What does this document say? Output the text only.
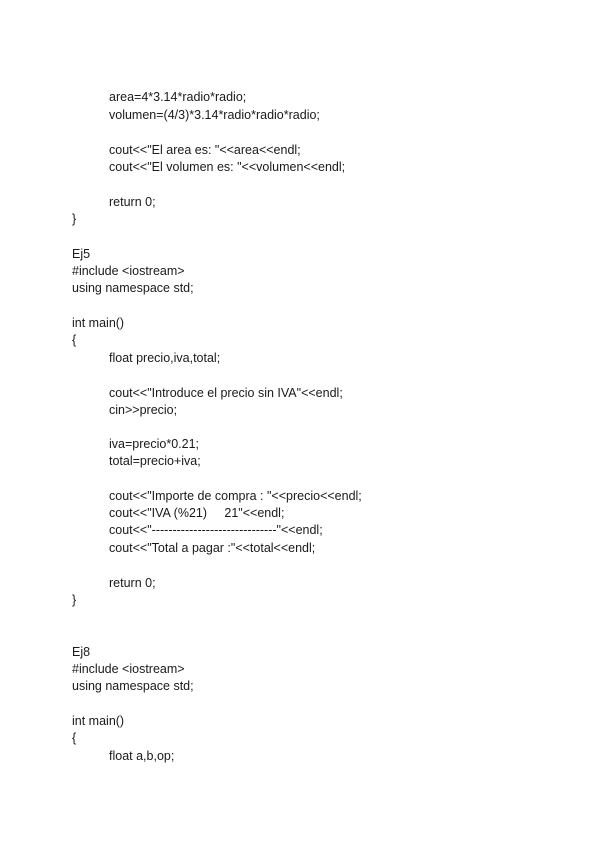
area=4*3.14*radio*radio;
volumen=(4/3)*3.14*radio*radio*radio;
cout<<"El area es: "<<area<<endl;
cout<<"El volumen es: "<<volumen<<endl;
return 0;
}
Ej5
#include <iostream>
using namespace std;
int main()
{
float precio,iva,total;
cout<<"Introduce el precio sin IVA"<<endl;
cin>>precio;
iva=precio*0.21;
total=precio+iva;
cout<<"Importe de compra : "<<precio<<endl;
cout<<"IVA (%21)     21"<<endl;
cout<<"------------------------------"<<endl;
cout<<"Total a pagar :"<<total<<endl;
return 0;
}
Ej8
#include <iostream>
using namespace std;
int main()
{
float a,b,op;
